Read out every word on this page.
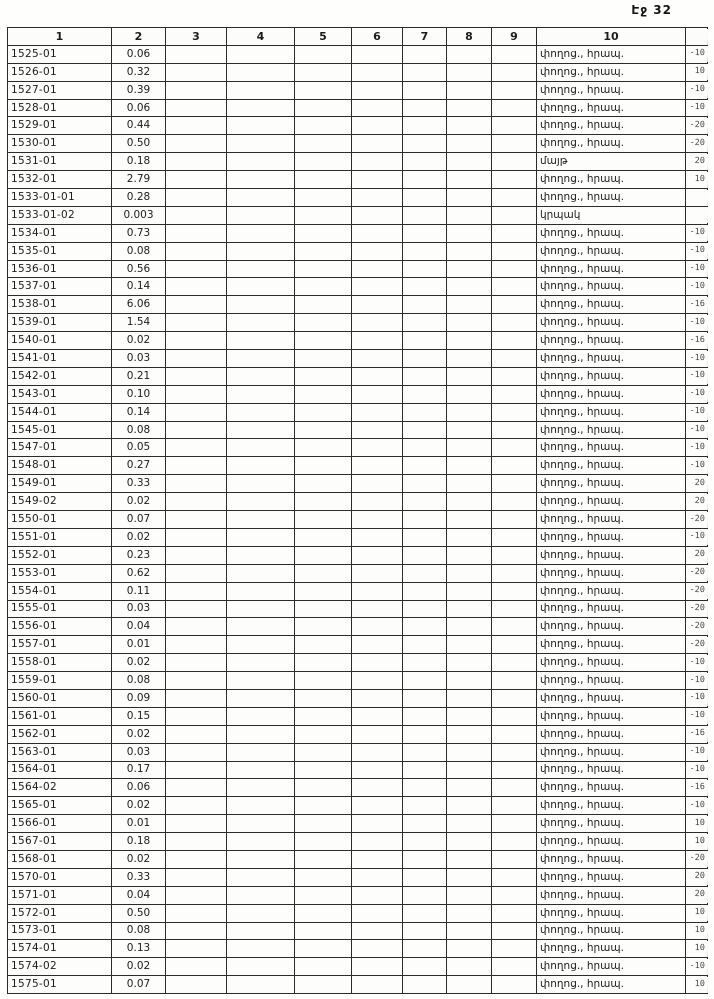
Էջ 32
1	2	3	4	5	6	7	8	9	10	
1525-01	0.06								փողոց., հրապ.	-10
1526-01	0.32								փողոց., հրապ.	10
1527-01	0.39								փողոց., հրապ.	-10
1528-01	0.06								փողոց., հրապ.	-10
1529-01	0.44								փողոց., հրապ.	-20
1530-01	0.50								փողոց., հրապ.	-20
1531-01	0.18								մայթ	20
1532-01	2.79								փողոց., հրապ.	10
1533-01-01	0.28								փողոց., հրապ.	
1533-01-02	0.003								կրպակ	
1534-01	0.73								փողոց., հրապ.	-10
1535-01	0.08								փողոց., հրապ.	-10
1536-01	0.56								փողոց., հրապ.	-10
1537-01	0.14								փողոց., հրապ.	-10
1538-01	6.06								փողոց., հրապ.	-16
1539-01	1.54								փողոց., հրապ.	-10
1540-01	0.02								փողոց., հրապ.	-16
1541-01	0.03								փողոց., հրապ.	-10
1542-01	0.21								փողոց., հրապ.	-10
1543-01	0.10								փողոց., հրապ.	-10
1544-01	0.14								փողոց., հրապ.	-10
1545-01	0.08								փողոց., հրապ.	-10
1547-01	0.05								փողոց., հրապ.	-10
1548-01	0.27								փողոց., հրապ.	-10
1549-01	0.33								փողոց., հրապ.	20
1549-02	0.02								փողոց., հրապ.	20
1550-01	0.07								փողոց., հրապ.	-20
1551-01	0.02								փողոց., հրապ.	-10
1552-01	0.23								փողոց., հրապ.	20
1553-01	0.62								փողոց., հրապ.	-20
1554-01	0.11								փողոց., հրապ.	-20
1555-01	0.03								փողոց., հրապ.	-20
1556-01	0.04								փողոց., հրապ.	-20
1557-01	0.01								փողոց., հրապ.	-20
1558-01	0.02								փողոց., հրապ.	-10
1559-01	0.08								փողոց., հրապ.	-10
1560-01	0.09								փողոց., հրապ.	-10
1561-01	0.15								փողոց., հրապ.	-10
1562-01	0.02								փողոց., հրապ.	-16
1563-01	0.03								փողոց., հրապ.	-10
1564-01	0.17								փողոց., հրապ.	-10
1564-02	0.06								փողոց., հրապ.	-16
1565-01	0.02								փողոց., հրապ.	-10
1566-01	0.01								փողոց., հրապ.	10
1567-01	0.18								փողոց., հրապ.	10
1568-01	0.02								փողոց., հրապ.	-20
1570-01	0.33								փողոց., հրապ.	20
1571-01	0.04								փողոց., հրապ.	20
1572-01	0.50								փողոց., հրապ.	10
1573-01	0.08								փողոց., հրապ.	10
1574-01	0.13								փողոց., հրապ.	10
1574-02	0.02								փողոց., հրապ.	-10
1575-01	0.07								փողոց., հրապ.	10
